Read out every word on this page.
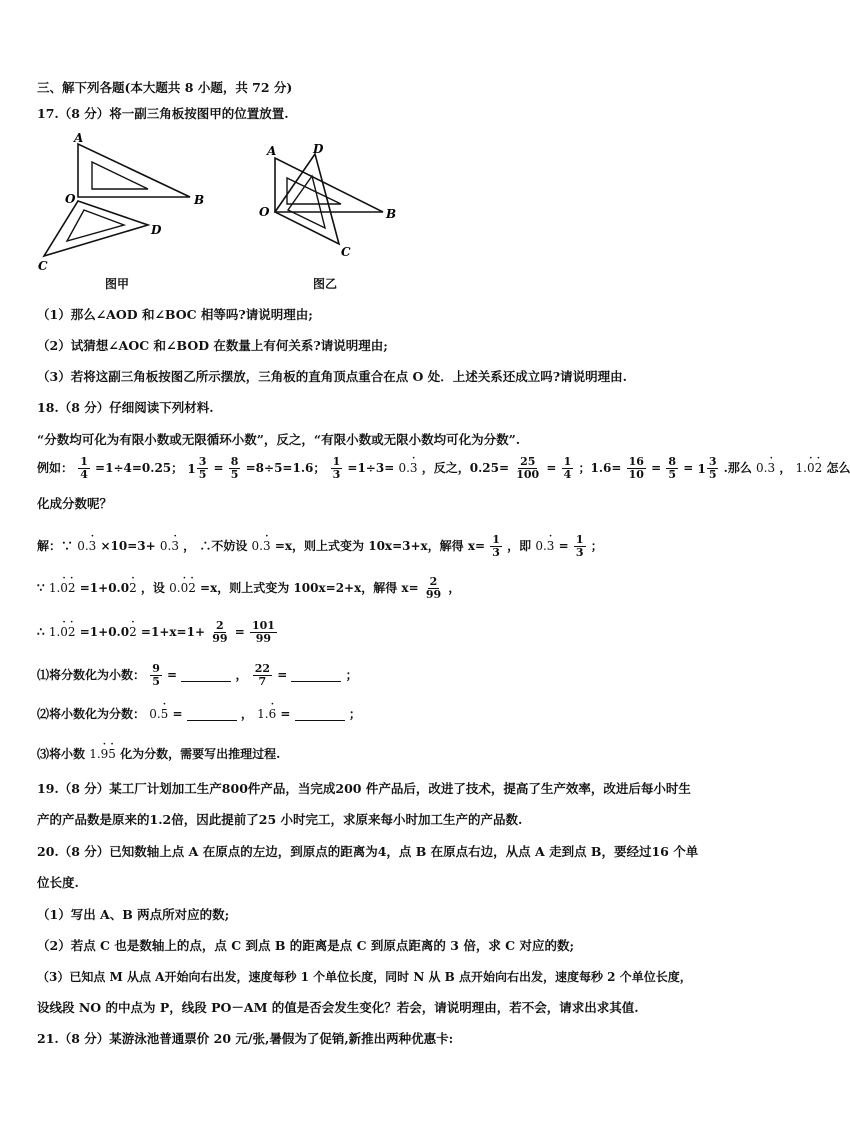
三、解下列各题(本大题共 8 小题，共 72 分)
17.（8 分）将一副三角板按图甲的位置放置.
A
O	B
D
C
图甲
A	D
O	B
C
图乙
（1）那么∠AOD 和∠BOC 相等吗?请说明理由;
（2）试猜想∠AOC 和∠BOD 在数量上有何关系?请说明理由;
（3）若将这副三角板按图乙所示摆放，三角板的直角顶点重合在点 O 处．上述关系还成立吗?请说明理由.
18.（8 分）仔细阅读下列材料.
“分数均可化为有限小数或无限循环小数”，反之，“有限小数或无限小数均可化为分数”.
例如： $\frac{1}{4} =1\div 4=0.25$； $1 \frac{3}{5} = \frac{8}{5} =8\div 5=1.6$； $\frac{1}{3} =1\div 3= 0.\cdot 3$ ，反之，$0.25= \frac{25}{100} = \frac{1}{4}$ ；$1.6= \frac{16}{10} = \frac{8}{5} = 1 \frac{3}{5}$ .那么 0.· 3 ， 1.· 0· 2 怎么
化成分数呢？
解：∵ 0.· 3 ×10=3+ 0.· 3 ， ∴不妨设 0.· 3 =x，则上式变为 10x=3+x，解得 $x= \frac{1}{3}$ ，即 $0.\cdot 3 = \frac{1}{3}$ ；
∵ 1.· 0· 2 =1+0.0· 2 ，设 0.· 0· 2 =x，则上式变为 100x=2+x，解得 $x= \frac{2}{99}$ ，
∴ $1.\cdot 0\cdot 2 =1+0.0\cdot 2 =1+x=1+ \frac{2}{99} = \frac{101}{99}$
⑴将分数化为小数： $\frac{9}{5}$ =	， $\frac{22}{7}$ =	；
⑵将小数化为分数： 0.· 5 =	， 1.· 6 =	；
⑶将小数 1.· 9· 5 化为分数，需要写出推理过程.
19.（8 分）某工厂计划加工生产800件产品，当完成200 件产品后，改进了技术，提高了生产效率，改进后每小时生
产的产品数是原来的1.2倍，因此提前了25 小时完工，求原来每小时加工生产的产品数.
20.（8 分）已知数轴上点 A 在原点的左边，到原点的距离为4，点 B 在原点右边，从点 A 走到点 B，要经过16 个单
位长度.
（1）写出 A、B 两点所对应的数;
（2）若点 C 也是数轴上的点，点 C 到点 B 的距离是点 C 到原点距离的 3 倍，求 C 对应的数;
（3）已知点 M 从点 A开始向右出发，速度每秒 1 个单位长度，同时 N 从 B 点开始向右出发，速度每秒 2 个单位长度，
设线段 NO 的中点为 P，线段 PO－AM 的值是否会发生变化？若会，请说明理由，若不会，请求出求其值.
21.（8 分）某游泳池普通票价 20 元/张,暑假为了促销,新推出两种优惠卡:
